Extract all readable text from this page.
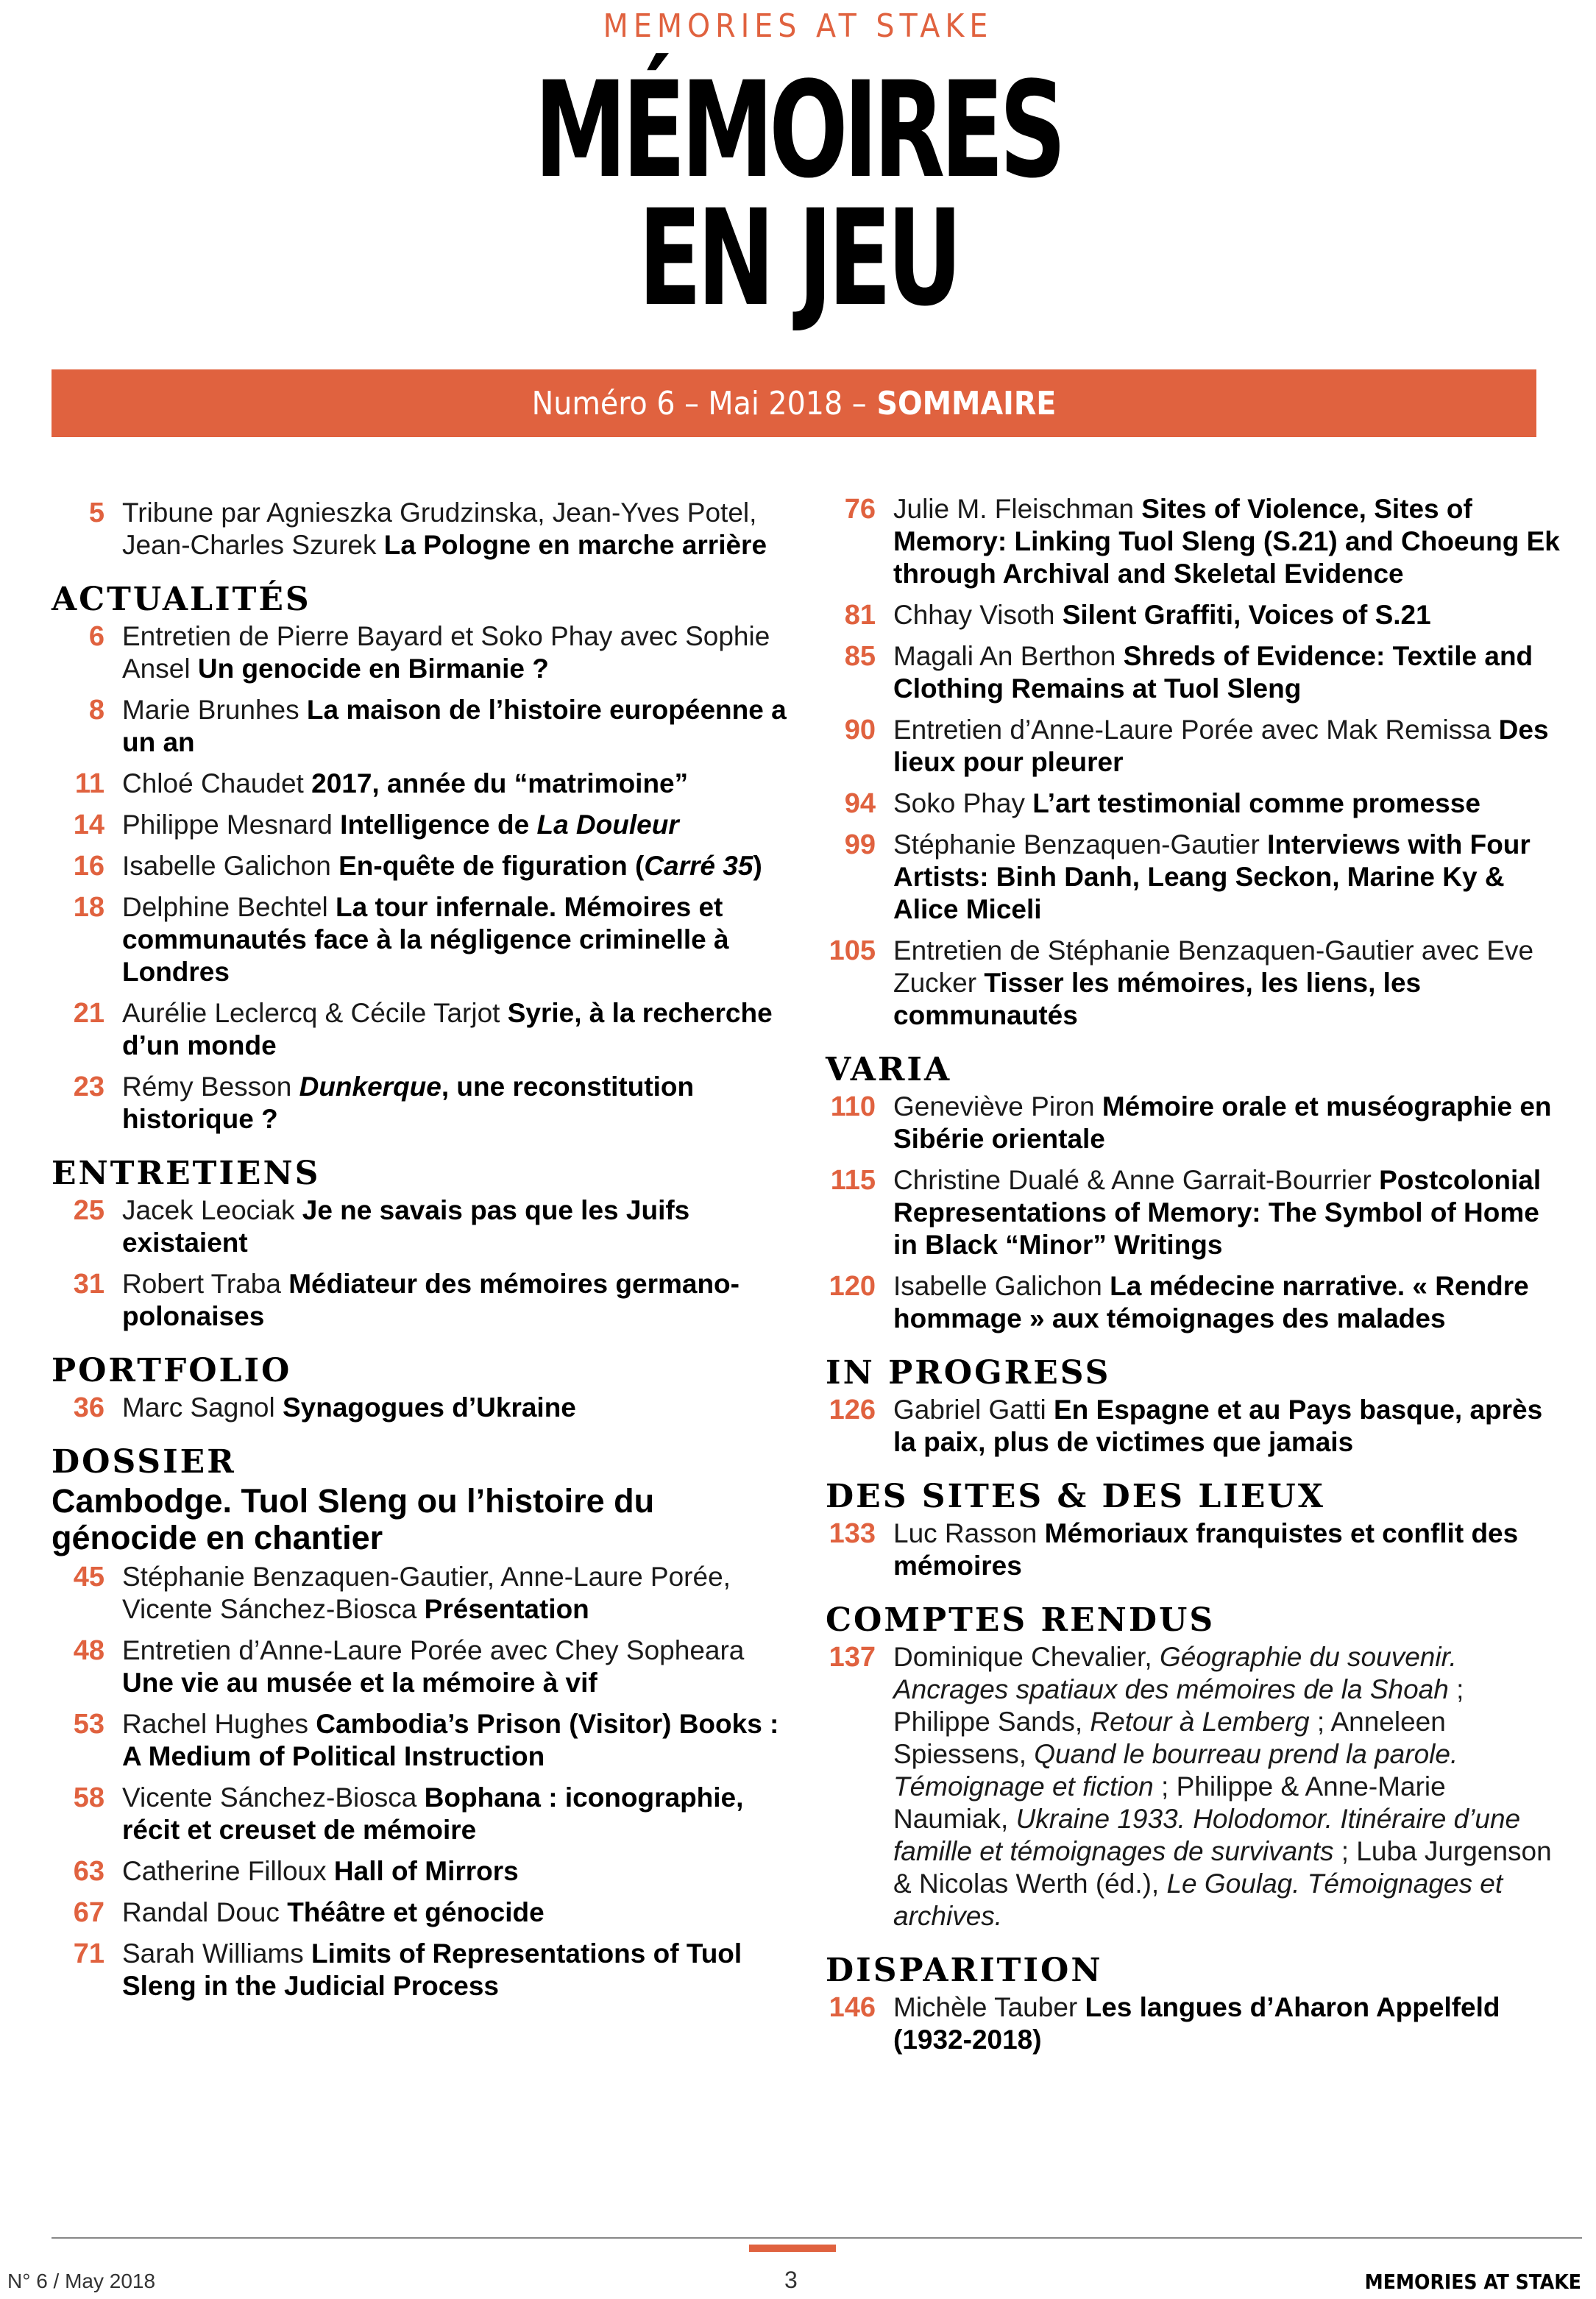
MEMORIES AT STAKE
MÉMOIRES
EN JEU
Numéro 6 – Mai 2018 – SOMMAIRE
5 Tribune par Agnieszka Grudzinska, Jean-Yves Potel, Jean-Charles Szurek La Pologne en marche arrière
ACTUALITÉS
6 Entretien de Pierre Bayard et Soko Phay avec Sophie Ansel Un genocide en Birmanie ?
8 Marie Brunhes La maison de l’histoire européenne a un an
11 Chloé Chaudet 2017, année du “matrimoine”
14 Philippe Mesnard Intelligence de La Douleur
16 Isabelle Galichon En-quête de figuration (Carré 35)
18 Delphine Bechtel La tour infernale. Mémoires et communautés face à la négligence criminelle à Londres
21 Aurélie Leclercq & Cécile Tarjot Syrie, à la recherche d’un monde
23 Rémy Besson Dunkerque, une reconstitution historique ?
ENTRETIENS
25 Jacek Leociak Je ne savais pas que les Juifs existaient
31 Robert Traba Médiateur des mémoires germano-polonaises
PORTFOLIO
36 Marc Sagnol Synagogues d’Ukraine
DOSSIER
Cambodge. Tuol Sleng ou l’histoire du génocide en chantier
45 Stéphanie Benzaquen-Gautier, Anne-Laure Porée, Vicente Sánchez-Biosca Présentation
48 Entretien d’Anne-Laure Porée avec Chey Sopheara Une vie au musée et la mémoire à vif
53 Rachel Hughes Cambodia’s Prison (Visitor) Books : A Medium of Political Instruction
58 Vicente Sánchez-Biosca Bophana : iconographie, récit et creuset de mémoire
63 Catherine Filloux Hall of Mirrors
67 Randal Douc Théâtre et génocide
71 Sarah Williams Limits of Representations of Tuol Sleng in the Judicial Process
76 Julie M. Fleischman Sites of Violence, Sites of Memory: Linking Tuol Sleng (S.21) and Choeung Ek through Archival and Skeletal Evidence
81 Chhay Visoth Silent Graffiti, Voices of S.21
85 Magali An Berthon Shreds of Evidence: Textile and Clothing Remains at Tuol Sleng
90 Entretien d’Anne-Laure Porée avec Mak Remissa Des lieux pour pleurer
94 Soko Phay L’art testimonial comme promesse
99 Stéphanie Benzaquen-Gautier Interviews with Four Artists: Binh Danh, Leang Seckon, Marine Ky & Alice Miceli
105 Entretien de Stéphanie Benzaquen-Gautier avec Eve Zucker Tisser les mémoires, les liens, les communautés
VARIA
110 Geneviève Piron Mémoire orale et muséographie en Sibérie orientale
115 Christine Dualé & Anne Garrait-Bourrier Postcolonial Representations of Memory: The Symbol of Home in Black “Minor” Writings
120 Isabelle Galichon La médecine narrative. « Rendre hommage » aux témoignages des malades
IN PROGRESS
126 Gabriel Gatti En Espagne et au Pays basque, après la paix, plus de victimes que jamais
DES SITES & DES LIEUX
133 Luc Rasson Mémoriaux franquistes et conflit des mémoires
COMPTES RENDUS
137 Dominique Chevalier, Géographie du souvenir. Ancrages spatiaux des mémoires de la Shoah ; Philippe Sands, Retour à Lemberg ; Anneleen Spiessens, Quand le bourreau prend la parole. Témoignage et fiction ; Philippe & Anne-Marie Naumiak, Ukraine 1933. Holodomor. Itinéraire d’une famille et témoignages de survivants ; Luba Jurgenson & Nicolas Werth (éd.), Le Goulag. Témoignages et archives.
DISPARITION
146 Michèle Tauber Les langues d’Aharon Appelfeld (1932-2018)
N° 6 / May 2018	3	MEMORIES AT STAKE
